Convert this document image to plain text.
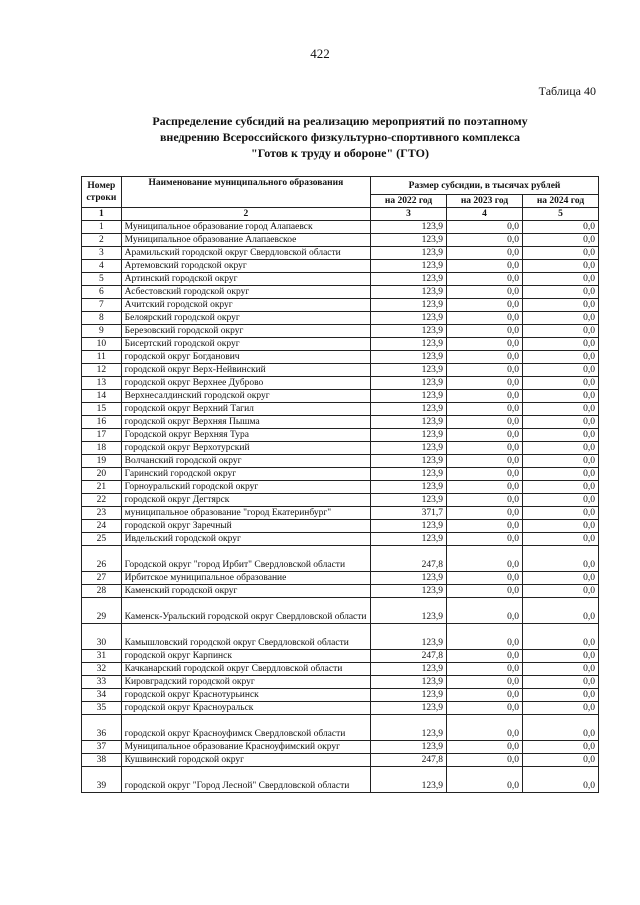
422
Таблица 40
Распределение субсидий на реализацию мероприятий по поэтапному
внедрению Всероссийского физкультурно-спортивного комплекса
"Готов к труду и обороне" (ГТО)
Номер
строки	Наименование муниципального образования	Размер субсидии, в тысячах рублей		
		на 2022 год	на 2023 год	на 2024 год
1	2	3	4	5
1	Муниципальное образование город Алапаевск	123,9	0,0	0,0
2	Муниципальное образование Алапаевское	123,9	0,0	0,0
3	Арамильский городской округ Свердловской области	123,9	0,0	0,0
4	Артемовский городской округ	123,9	0,0	0,0
5	Артинский городской округ	123,9	0,0	0,0
6	Асбестовский городской округ	123,9	0,0	0,0
7	Ачитский городской округ	123,9	0,0	0,0
8	Белоярский городской округ	123,9	0,0	0,0
9	Березовский городской округ	123,9	0,0	0,0
10	Бисертский городской округ	123,9	0,0	0,0
11	городской округ Богданович	123,9	0,0	0,0
12	городской округ Верх-Нейвинский	123,9	0,0	0,0
13	городской округ Верхнее Дуброво	123,9	0,0	0,0
14	Верхнесалдинский городской округ	123,9	0,0	0,0
15	городской округ Верхний Тагил	123,9	0,0	0,0
16	городской округ Верхняя Пышма	123,9	0,0	0,0
17	Городской округ Верхняя Тура	123,9	0,0	0,0
18	городской округ Верхотурский	123,9	0,0	0,0
19	Волчанский городской округ	123,9	0,0	0,0
20	Гаринский городской округ	123,9	0,0	0,0
21	Горноуральский городской округ	123,9	0,0	0,0
22	городской округ Дегтярск	123,9	0,0	0,0
23	муниципальное образование "город Екатеринбург"	371,7	0,0	0,0
24	городской округ Заречный	123,9	0,0	0,0
25	Ивдельский городской округ	123,9	0,0	0,0
26	Городской округ "город Ирбит" Свердловской области	247,8	0,0	0,0
27	Ирбитское муниципальное образование	123,9	0,0	0,0
28	Каменский городской округ	123,9	0,0	0,0
29	Каменск-Уральский городской округ Свердловской области	123,9	0,0	0,0
30	Камышловский городской округ Свердловской области	123,9	0,0	0,0
31	городской округ Карпинск	247,8	0,0	0,0
32	Качканарский городской округ Свердловской области	123,9	0,0	0,0
33	Кировградский городской округ	123,9	0,0	0,0
34	городской округ Краснотурьинск	123,9	0,0	0,0
35	городской округ Красноуральск	123,9	0,0	0,0
36	городской округ Красноуфимск Свердловской области	123,9	0,0	0,0
37	Муниципальное образование Красноуфимский округ	123,9	0,0	0,0
38	Кушвинский городской округ	247,8	0,0	0,0
39	городской округ "Город Лесной" Свердловской области	123,9	0,0	0,0
